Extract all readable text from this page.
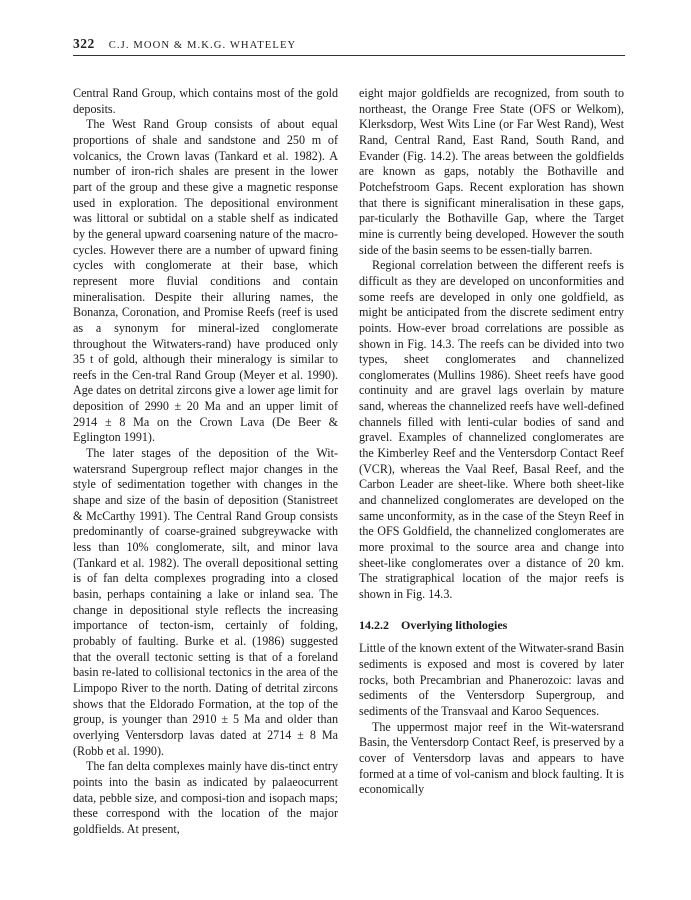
322 C.J. MOON & M.K.G. WHATELEY

Central Rand Group, which contains most of the gold deposits.

The West Rand Group consists of about equal proportions of shale and sandstone and 250 m of volcanics, the Crown lavas (Tankard et al. 1982). A number of iron-rich shales are present in the lower part of the group and these give a magnetic response used in exploration. The depositional environment was littoral or subtidal on a stable shelf as indicated by the general upward coarsening nature of the macro-cycles. However there are a number of upward fining cycles with conglomerate at their base, which represent more fluvial conditions and contain mineralisation. Despite their alluring names, the Bonanza, Coronation, and Promise Reefs (reef is used as a synonym for mineral-ized conglomerate throughout the Witwaters-rand) have produced only 35 t of gold, although their mineralogy is similar to reefs in the Cen-tral Rand Group (Meyer et al. 1990). Age dates on detrital zircons give a lower age limit for deposition of 2990 ± 20 Ma and an upper limit of 2914 ± 8 Ma on the Crown Lava (De Beer & Eglington 1991).

The later stages of the deposition of the Wit-watersrand Supergroup reflect major changes in the style of sedimentation together with changes in the shape and size of the basin of deposition (Stanistreet & McCarthy 1991). The Central Rand Group consists predominantly of coarse-grained subgreywacke with less than 10% conglomerate, silt, and minor lava (Tankard et al. 1982). The overall depositional setting is of fan delta complexes prograding into a closed basin, perhaps containing a lake or inland sea. The change in depositional style reflects the increasing importance of tecton-ism, certainly of folding, probably of faulting. Burke et al. (1986) suggested that the overall tectonic setting is that of a foreland basin re-lated to collisional tectonics in the area of the Limpopo River to the north. Dating of detrital zircons shows that the Eldorado Formation, at the top of the group, is younger than 2910 ± 5 Ma and older than overlying Ventersdorp lavas dated at 2714 ± 8 Ma (Robb et al. 1990).

The fan delta complexes mainly have dis-tinct entry points into the basin as indicated by palaeocurrent data, pebble size, and composi-tion and isopach maps; these correspond with the location of the major goldfields. At present,

eight major goldfields are recognized, from south to northeast, the Orange Free State (OFS or Welkom), Klerksdorp, West Wits Line (or Far West Rand), West Rand, Central Rand, East Rand, South Rand, and Evander (Fig. 14.2). The areas between the goldfields are known as gaps, notably the Bothaville and Potchefstroom Gaps. Recent exploration has shown that there is significant mineralisation in these gaps, par-ticularly the Bothaville Gap, where the Target mine is currently being developed. However the south side of the basin seems to be essen-tially barren.

Regional correlation between the different reefs is difficult as they are developed on unconformities and some reefs are developed in only one goldfield, as might be anticipated from the discrete sediment entry points. How-ever broad correlations are possible as shown in Fig. 14.3. The reefs can be divided into two types, sheet conglomerates and channelized conglomerates (Mullins 1986). Sheet reefs have good continuity and are gravel lags overlain by mature sand, whereas the channelized reefs have well-defined channels filled with lenti-cular bodies of sand and gravel. Examples of channelized conglomerates are the Kimberley Reef and the Ventersdorp Contact Reef (VCR), whereas the Vaal Reef, Basal Reef, and the Carbon Leader are sheet-like. Where both sheet-like and channelized conglomerates are developed on the same unconformity, as in the case of the Steyn Reef in the OFS Goldfield, the channelized conglomerates are more proximal to the source area and change into sheet-like conglomerates over a distance of 20 km. The stratigraphical location of the major reefs is shown in Fig. 14.3.

14.2.2 Overlying lithologies

Little of the known extent of the Witwater-srand Basin sediments is exposed and most is covered by later rocks, both Precambrian and Phanerozoic: lavas and sediments of the Ventersdorp Supergroup, and sediments of the Transvaal and Karoo Sequences.

The uppermost major reef in the Wit-watersrand Basin, the Ventersdorp Contact Reef, is preserved by a cover of Ventersdorp lavas and appears to have formed at a time of vol-canism and block faulting. It is economically
